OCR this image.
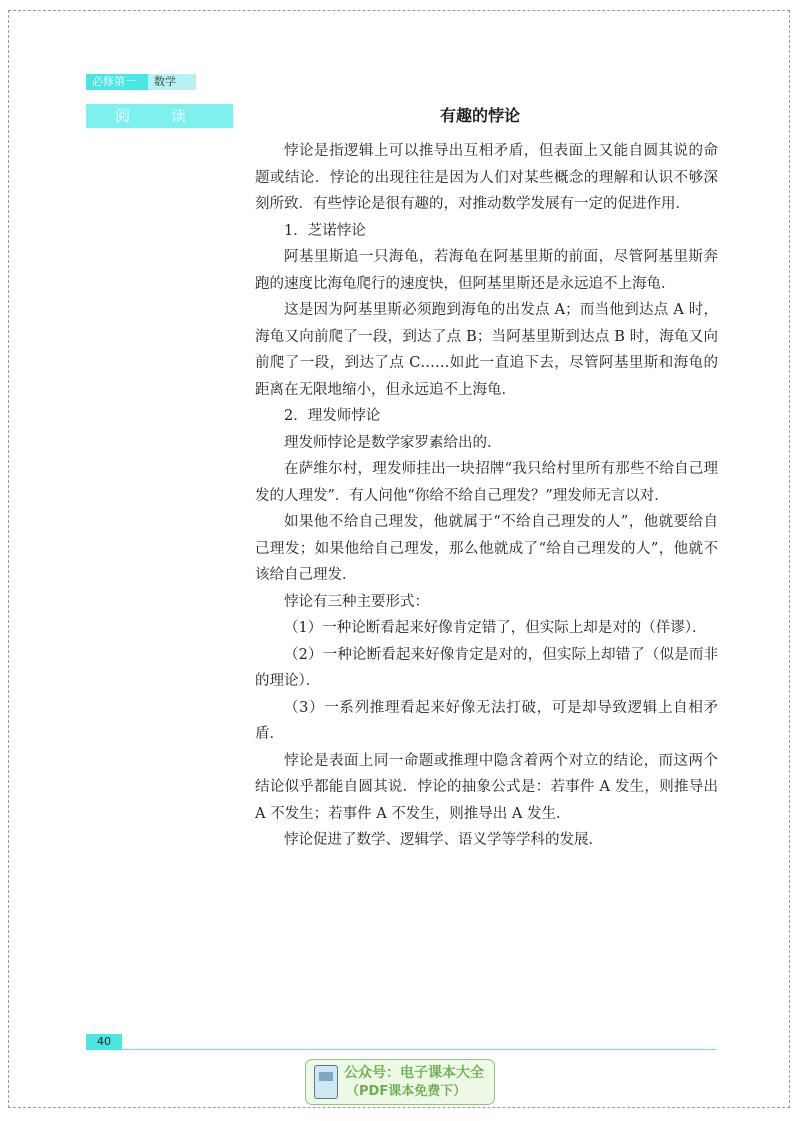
必修第一册
数学
阅 读	有趣的悖论

悖论是指逻辑上可以推导出互相矛盾，但表面上又能自圆其说的命题或结论．悖论的出现往往是因为人们对某些概念的理解和认识不够深刻所致．有些悖论是很有趣的，对推动数学发展有一定的促进作用．

1．芝诺悖论

阿基里斯追一只海龟，若海龟在阿基里斯的前面，尽管阿基里斯奔跑的速度比海龟爬行的速度快，但阿基里斯还是永远追不上海龟．

这是因为阿基里斯必须跑到海龟的出发点 A；而当他到达点 A 时，海龟又向前爬了一段，到达了点 B；当阿基里斯到达点 B 时，海龟又向前爬了一段，到达了点 C……如此一直追下去，尽管阿基里斯和海龟的距离在无限地缩小，但永远追不上海龟．

2．理发师悖论

理发师悖论是数学家罗素给出的．

在萨维尔村，理发师挂出一块招牌“我只给村里所有那些不给自己理发的人理发”．有人问他“你给不给自己理发？”理发师无言以对．

如果他不给自己理发，他就属于“不给自己理发的人”，他就要给自己理发；如果他给自己理发，那么他就成了“给自己理发的人”，他就不该给自己理发．

悖论有三种主要形式：

（1）一种论断看起来好像肯定错了，但实际上却是对的（佯谬）．

（2）一种论断看起来好像肯定是对的，但实际上却错了（似是而非的理论）．

（3）一系列推理看起来好像无法打破，可是却导致逻辑上自相矛盾．

悖论是表面上同一命题或推理中隐含着两个对立的结论，而这两个结论似乎都能自圆其说．悖论的抽象公式是：若事件 A 发生，则推导出 A 不发生；若事件 A 不发生，则推导出 A 发生．

悖论促进了数学、逻辑学、语义学等学科的发展．

40
公众号：电子课本大全
（PDF课本免费下）
